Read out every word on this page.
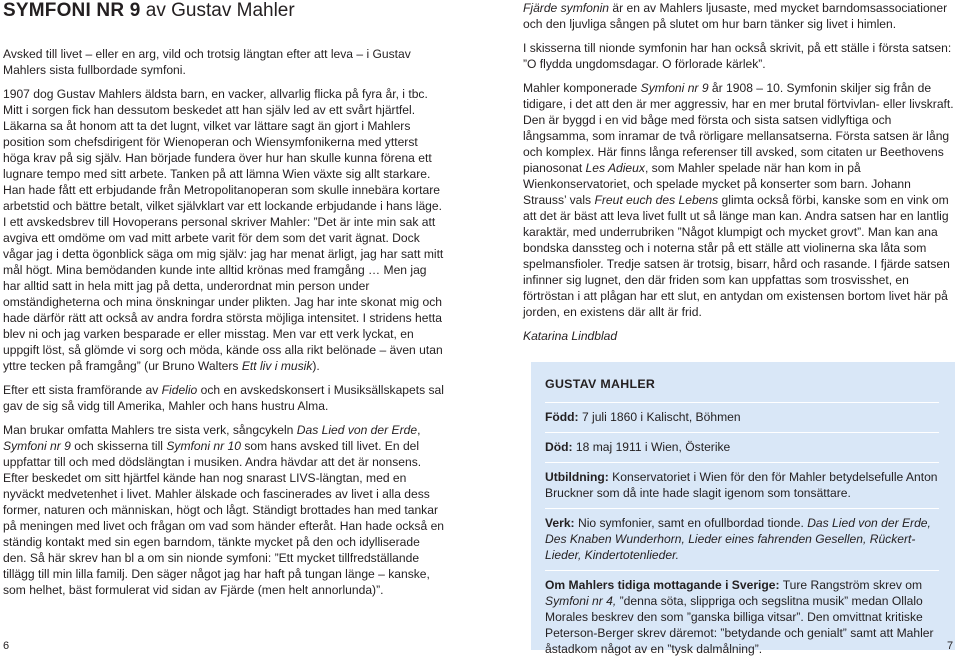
SYMFONI NR 9 av Gustav Mahler

Avsked till livet – eller en arg, vild och trotsig längtan efter att leva – i Gustav Mahlers sista fullbordade symfoni.

1907 dog Gustav Mahlers äldsta barn, en vacker, allvarlig flicka på fyra år, i tbc. Mitt i sorgen fick han dessutom beskedet att han själv led av ett svårt hjärtfel. Läkarna sa åt honom att ta det lugnt, vilket var lättare sagt än gjort i Mahlers position som chefsdirigent för Wienoperan och Wiensymfonikerna med ytterst höga krav på sig själv. Han började fundera över hur han skulle kunna förena ett lugnare tempo med sitt arbete. Tanken på att lämna Wien växte sig allt starkare. Han hade fått ett erbjudande från Metropolitanoperan som skulle innebära kortare arbetstid och bättre betalt, vilket självklart var ett lockande erbjudande i hans läge. I ett avskedsbrev till Hovoperans personal skriver Mahler: ”Det är inte min sak att avgiva ett omdöme om vad mitt arbete varit för dem som det varit ägnat. Dock vågar jag i detta ögonblick säga om mig själv: jag har menat ärligt, jag har satt mitt mål högt. Mina bemödanden kunde inte alltid krönas med framgång … Men jag har alltid satt in hela mitt jag på detta, underordnat min person under omständigheterna och mina önskningar under plikten. Jag har inte skonat mig och hade därför rätt att också av andra fordra största möjliga intensitet. I stridens hetta blev ni och jag varken besparade er eller misstag. Men var ett verk lyckat, en uppgift löst, så glömde vi sorg och möda, kände oss alla rikt belönade – även utan yttre tecken på framgång” (ur Bruno Walters Ett liv i musik).

Efter ett sista framförande av Fidelio och en avskedskonsert i Musiksällskapets sal gav de sig så vidg till Amerika, Mahler och hans hustru Alma.

Man brukar omfatta Mahlers tre sista verk, sångcykeln Das Lied von der Erde, Symfoni nr 9 och skisserna till Symfoni nr 10 som hans avsked till livet. En del uppfattar till och med dödslängtan i musiken. Andra hävdar att det är nonsens. Efter beskedet om sitt hjärtfel kände han nog snarast LIVS-längtan, med en nyväckt medvetenhet i livet. Mahler älskade och fascinerades av livet i alla dess former, naturen och människan, högt och lågt. Ständigt brottades han med tankar på meningen med livet och frågan om vad som händer efteråt. Han hade också en ständig kontakt med sin egen barndom, tänkte mycket på den och idylliserade den. Så här skrev han bl a om sin nionde symfoni: ”Ett mycket tillfredställande tillägg till min lilla familj. Den säger något jag har haft på tungan länge – kanske, som helhet, bäst formulerat vid sidan av Fjärde (men helt annorlunda)”.

Fjärde symfonin är en av Mahlers ljusaste, med mycket barndomsassociationer och den ljuvliga sången på slutet om hur barn tänker sig livet i himlen.

I skisserna till nionde symfonin har han också skrivit, på ett ställe i första satsen: ”O flydda ungdomsdagar. O förlorade kärlek”.

Mahler komponerade Symfoni nr 9 år 1908 – 10. Symfonin skiljer sig från de tidigare, i det att den är mer aggressiv, har en mer brutal förtvivlan- eller livskraft. Den är byggd i en vid båge med första och sista satsen vidlyftiga och långsamma, som inramar de två rörligare mellansatserna. Första satsen är lång och komplex. Här finns långa referenser till avsked, som citaten ur Beethovens pianosonat Les Adieux, som Mahler spelade när han kom in på Wienkonservatoriet, och spelade mycket på konserter som barn. Johann Strauss’ vals Freut euch des Lebens glimta också förbi, kanske som en vink om att det är bäst att leva livet fullt ut så länge man kan. Andra satsen har en lantlig karaktär, med underrubriken ”Något klumpigt och mycket grovt”. Man kan ana bondska danssteg och i noterna står på ett ställe att violinerna ska låta som spelmansfioler. Tredje satsen är trotsig, bisarr, hård och rasande. I fjärde satsen infinner sig lugnet, den där friden som kan uppfattas som trosvisshet, en förtröstan i att plågan har ett slut, en antydan om existensen bortom livet här på jorden, en existens där allt är frid.

Katarina Lindblad

GUSTAV MAHLER
Född: 7 juli 1860 i Kalischt, Böhmen
Död: 18 maj 1911 i Wien, Österike
Utbildning: Konservatoriet i Wien för den för Mahler betydelsefulle Anton Bruckner som då inte hade slagit igenom som tonsättare.
Verk: Nio symfonier, samt en ofullbordad tionde. Das Lied von der Erde, Des Knaben Wunderhorn, Lieder eines fahrenden Gesellen, Rückert-Lieder, Kindertotenlieder.
Om Mahlers tidiga mottagande i Sverige: Ture Rangström skrev om Symfoni nr 4, ”denna söta, slippriga och segslitna musik” medan Ollalo Morales beskrev den som ”ganska billiga vitsar”. Den omvittnat kritiske Peterson-Berger skrev däremot: ”betydande och genialt” samt att Mahler åstadkom något av en ”tysk dalmålning”.
6	7
